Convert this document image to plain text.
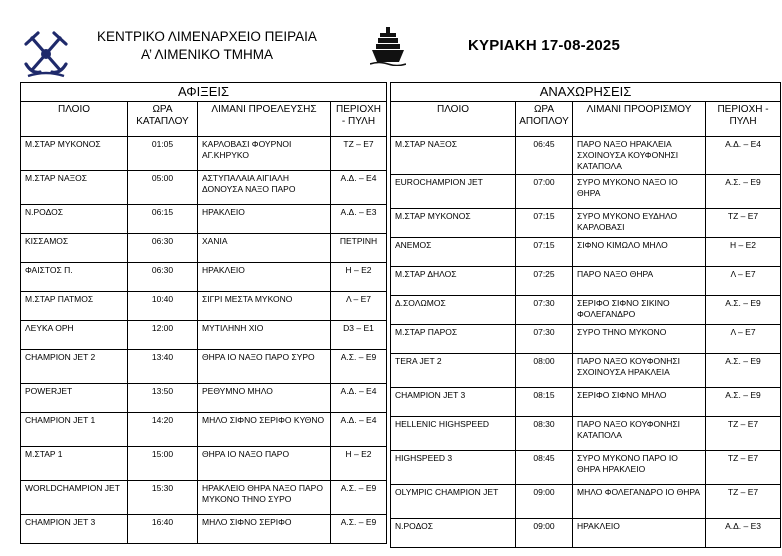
ΚΕΝΤΡΙΚΟ ΛΙΜΕΝΑΡΧΕΙΟ ΠΕΙΡΑΙΑ
Α’ ΛΙΜΕΝΙΚΟ ΤΜΗΜΑ
ΚΥΡΙΑΚΗ 17-08-2025
ΑΦΙΞΕΙΣ			
ΠΛΟΙΟ	ΩΡΑ ΚΑΤΑΠΛΟΥ	ΛΙΜΑΝΙ ΠΡΟΕΛΕΥΣΗΣ	ΠΕΡΙΟΧΗ - ΠΥΛΗ
Μ.ΣΤΑΡ ΜΥΚΟΝΟΣ	01:05	ΚΑΡΛΟΒΑΣΙ ΦΟΥΡΝΟΙ ΑΓ.ΚΗΡΥΚΟ	ΤΖ – Ε7
Μ.ΣΤΑΡ ΝΑΞΟΣ	05:00	ΑΣΤΥΠΑΛΑΙΑ ΑΙΓΙΑΛΗ ΔΟΝΟΥΣΑ ΝΑΞΟ ΠΑΡΟ	Α.Δ. – Ε4
Ν.ΡΟΔΟΣ	06:15	ΗΡΑΚΛΕΙΟ	Α.Δ. – Ε3
ΚΙΣΣΑΜΟΣ	06:30	ΧΑΝΙΑ	ΠΕΤΡΙΝΗ
ΦΑΙΣΤΟΣ Π.	06:30	ΗΡΑΚΛΕΙΟ	Η – Ε2
Μ.ΣΤΑΡ ΠΑΤΜΟΣ	10:40	ΣΙΓΡΙ ΜΕΣΤΑ ΜΥΚΟΝΟ	Λ – Ε7
ΛΕΥΚΑ ΟΡΗ	12:00	ΜΥΤΙΛΗΝΗ ΧΙΟ	D3 – Ε1
CHAMPION JET 2	13:40	ΘΗΡΑ ΙΟ ΝΑΞΟ ΠΑΡΟ ΣΥΡΟ	Α.Σ. – Ε9
POWERJET	13:50	ΡΕΘΥΜΝΟ ΜΗΛΟ	Α.Δ. – Ε4
CHAMPION JET 1	14:20	ΜΗΛΟ ΣΙΦΝΟ ΣΕΡΙΦΟ ΚΥΘΝΟ	Α.Δ. – Ε4
Μ.ΣΤΑΡ 1	15:00	ΘΗΡΑ ΙΟ ΝΑΞΟ ΠΑΡΟ	Η – Ε2
WORLDCHAMPION JET	15:30	ΗΡΑΚΛΕΙΟ ΘΗΡΑ ΝΑΞΟ ΠΑΡΟ ΜΥΚΟΝΟ ΤΗΝΟ ΣΥΡΟ	Α.Σ. – Ε9
CHAMPION JET 3	16:40	ΜΗΛΟ ΣΙΦΝΟ ΣΕΡΙΦΟ	Α.Σ. – Ε9
ΑΝΑΧΩΡΗΣΕΙΣ			
ΠΛΟΙΟ	ΩΡΑ ΑΠΟΠΛΟΥ	ΛΙΜΑΝΙ ΠΡΟΟΡΙΣΜΟΥ	ΠΕΡΙΟΧΗ - ΠΥΛΗ
Μ.ΣΤΑΡ ΝΑΞΟΣ	06:45	ΠΑΡΟ ΝΑΞΟ ΗΡΑΚΛΕΙΑ ΣΧΟΙΝΟΥΣΑ ΚΟΥΦΟΝΗΣΙ ΚΑΤΑΠΟΛΑ	Α.Δ. – Ε4
EUROCHAMPION JET	07:00	ΣΥΡΟ ΜΥΚΟΝΟ ΝΑΞΟ ΙΟ ΘΗΡΑ	Α.Σ. – Ε9
Μ.ΣΤΑΡ ΜΥΚΟΝΟΣ	07:15	ΣΥΡΟ ΜΥΚΟΝΟ ΕΥΔΗΛΟ ΚΑΡΛΟΒΑΣΙ	ΤΖ – Ε7
ΑΝΕΜΟΣ	07:15	ΣΙΦΝΟ ΚΙΜΩΛΟ ΜΗΛΟ	Η – Ε2
Μ.ΣΤΑΡ ΔΗΛΟΣ	07:25	ΠΑΡΟ ΝΑΞΟ ΘΗΡΑ	Λ – Ε7
Δ.ΣΟΛΩΜΟΣ	07:30	ΣΕΡΙΦΟ ΣΙΦΝΟ ΣΙΚΙΝΟ ΦΟΛΕΓΑΝΔΡΟ	Α.Σ. – Ε9
Μ.ΣΤΑΡ ΠΑΡΟΣ	07:30	ΣΥΡΟ ΤΗΝΟ ΜΥΚΟΝΟ	Λ – Ε7
TERA JET 2	08:00	ΠΑΡΟ ΝΑΞΟ ΚΟΥΦΟΝΗΣΙ ΣΧΟΙΝΟΥΣΑ ΗΡΑΚΛΕΙΑ	Α.Σ. – Ε9
CHAMPION JET 3	08:15	ΣΕΡΙΦΟ ΣΙΦΝΟ ΜΗΛΟ	Α.Σ. – Ε9
HELLENIC HIGHSPEED	08:30	ΠΑΡΟ ΝΑΞΟ ΚΟΥΦΟΝΗΣΙ ΚΑΤΑΠΟΛΑ	ΤΖ – Ε7
HIGHSPEED 3	08:45	ΣΥΡΟ ΜΥΚΟΝΟ ΠΑΡΟ ΙΟ ΘΗΡΑ ΗΡΑΚΛΕΙΟ	ΤΖ – Ε7
OLYMPIC CHAMPION JET	09:00	ΜΗΛΟ ΦΟΛΕΓΑΝΔΡΟ ΙΟ ΘΗΡΑ	ΤΖ – Ε7
Ν.ΡΟΔΟΣ	09:00	ΗΡΑΚΛΕΙΟ	Α.Δ. – Ε3
